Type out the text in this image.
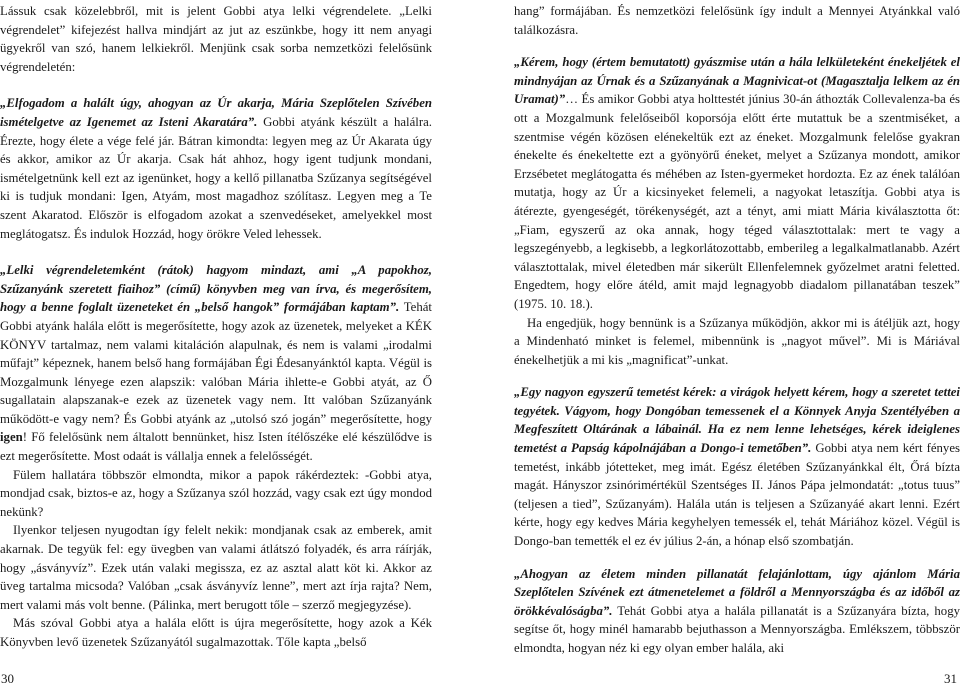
Lássuk csak közelebbről, mit is jelent Gobbi atya lelki végrendelete. „Lelki végrendelet” kifejezést hallva mindjárt az jut az eszünkbe, hogy itt nem anyagi ügyekről van szó, hanem lelkiekről. Menjünk csak sorba nemzetközi felelősünk végrendeletén:

„Elfogadom a halált úgy, ahogyan az Úr akarja, Mária Szeplőtelen Szívében ismételgetve az Igenemet az Isteni Akaratára”. Gobbi atyánk készült a halálra. Érezte, hogy élete a vége felé jár. Bátran kimondta: legyen meg az Úr Akarata úgy és akkor, amikor az Úr akarja. Csak hát ahhoz, hogy igent tudjunk mondani, ismételgetnünk kell ezt az igenünket, hogy a kellő pillanatba Szűzanya segítségével ki is tudjuk mondani: Igen, Atyám, most magadhoz szólítasz. Legyen meg a Te szent Akaratod. Először is elfogadom azokat a szenvedéseket, amelyekkel most meglátogatsz. És indulok Hozzád, hogy örökre Veled lehessek.

„Lelki végrendeletemként (rátok) hagyom mindazt, ami „A papokhoz, Szűzanyánk szeretett fiaihoz” (című) könyvben meg van írva, és megerősítem, hogy a benne foglalt üzeneteket én „belső hangok” formájában kaptam”. Tehát Gobbi atyánk halála előtt is megerősítette, hogy azok az üzenetek, melyeket a KÉK KÖNYV tartalmaz, nem valami kitaláción alapulnak, és nem is valami „irodalmi műfajt” képeznek, hanem belső hang formájában Égi Édesanyánktól kapta. Végül is Mozgalmunk lényege ezen alapszik: valóban Mária ihlette-e Gobbi atyát, az Ő sugallatain alapszanak-e ezek az üzenetek vagy nem. Itt valóban Szűzanyánk működött-e vagy nem? És Gobbi atyánk az „utolsó szó jogán” megerősítette, hogy igen! Fő felelősünk nem általott bennünket, hisz Isten ítélőszéke elé készülődve is ezt megerősítette. Most odaát is vállalja ennek a felelősségét.

Fülem hallatára többször elmondta, mikor a papok rákérdeztek: -Gobbi atya, mondjad csak, biztos-e az, hogy a Szűzanya szól hozzád, vagy csak ezt úgy mondod nekünk?

Ilyenkor teljesen nyugodtan így felelt nekik: mondjanak csak az emberek, amit akarnak. De tegyük fel: egy üvegben van valami átlátszó folyadék, és arra ráírják, hogy „ásványvíz”. Ezek után valaki megissza, ez az asztal alatt köt ki. Akkor az üveg tartalma micsoda? Valóban „csak ásványvíz lenne”, mert azt írja rajta? Nem, mert valami más volt benne. (Pálinka, mert berugott tőle – szerző megjegyzése).

Más szóval Gobbi atya a halála előtt is újra megerősítette, hogy azok a Kék Könyvben levő üzenetek Szűzanyától sugalmazottak. Tőle kapta „belső

hang” formájában. És nemzetközi felelősünk így indult a Mennyei Atyánkkal való találkozásra.

„Kérem, hogy (értem bemutatott) gyászmise után a hála lelkületeként énekeljétek el mindnyájan az Úrnak és a Szűzanyának a Magnivicat-ot (Magasztalja lelkem az én Uramat)”… És amikor Gobbi atya holttestét június 30-án áthozták Collevalenza-ba és ott a Mozgalmunk felelőseiből koporsója előtt érte mutattuk be a szentmiséket, a szentmise végén közösen elénekeltük ezt az éneket. Mozgalmunk felelőse gyakran énekelte és énekeltette ezt a gyönyörű éneket, melyet a Szűzanya mondott, amikor Erzsébetet meglátogatta és méhében az Isten-gyermeket hordozta. Ez az ének találóan mutatja, hogy az Úr a kicsinyeket felemeli, a nagyokat letaszítja. Gobbi atya is átérezte, gyengeségét, törékenységét, azt a tényt, ami miatt Mária kiválasztotta őt: „Fiam, egyszerű az oka annak, hogy téged választottalak: mert te vagy a legszegényebb, a legkisebb, a legkorlátozottabb, emberileg a legalkalmatlanabb. Azért választottalak, mivel életedben már sikerült Ellenfelemnek győzelmet aratni feletted. Engedtem, hogy előre átéld, amit majd legnagyobb diadalom pillanatában teszek” (1975. 10. 18.).

Ha engedjük, hogy bennünk is a Szűzanya működjön, akkor mi is átéljük azt, hogy a Mindenható minket is felemel, mibennünk is „nagyot művel”. Mi is Máriával énekelhetjük a mi kis „magnificat”-unkat.

„Egy nagyon egyszerű temetést kérek: a virágok helyett kérem, hogy a szeretet tettei tegyétek. Vágyom, hogy Dongóban temessenek el a Könnyek Anyja Szentélyében a Megfeszített Oltárának a lábainál. Ha ez nem lenne lehetséges, kérek ideiglenes temetést a Papság kápolnájában a Dongo-i temetőben”. Gobbi atya nem kért fényes temetést, inkább jótetteket, meg imát. Egész életében Szűzanyánkkal élt, Őrá bízta magát. Hányszor zsinórimértékül Szentséges II. János Pápa jelmondatát: „totus tuus” (teljesen a tied”, Szűzanyám). Halála után is teljesen a Szűzanyáé akart lenni. Ezért kérte, hogy egy kedves Mária kegyhelyen temessék el, tehát Máriához közel. Végül is Dongo-ban temették el ez év július 2-án, a hónap első szombatján.

„Ahogyan az életem minden pillanatát felajánlottam, úgy ajánlom Mária Szeplőtelen Szívének ezt átmenetelemet a földről a Mennyországba és az időből az örökkévalóságba”. Tehát Gobbi atya a halála pillanatát is a Szűzanyára bízta, hogy segítse őt, hogy minél hamarabb bejuthasson a Mennyországba. Emlékszem, többször elmondta, hogyan néz ki egy olyan ember halála, aki

30	31
